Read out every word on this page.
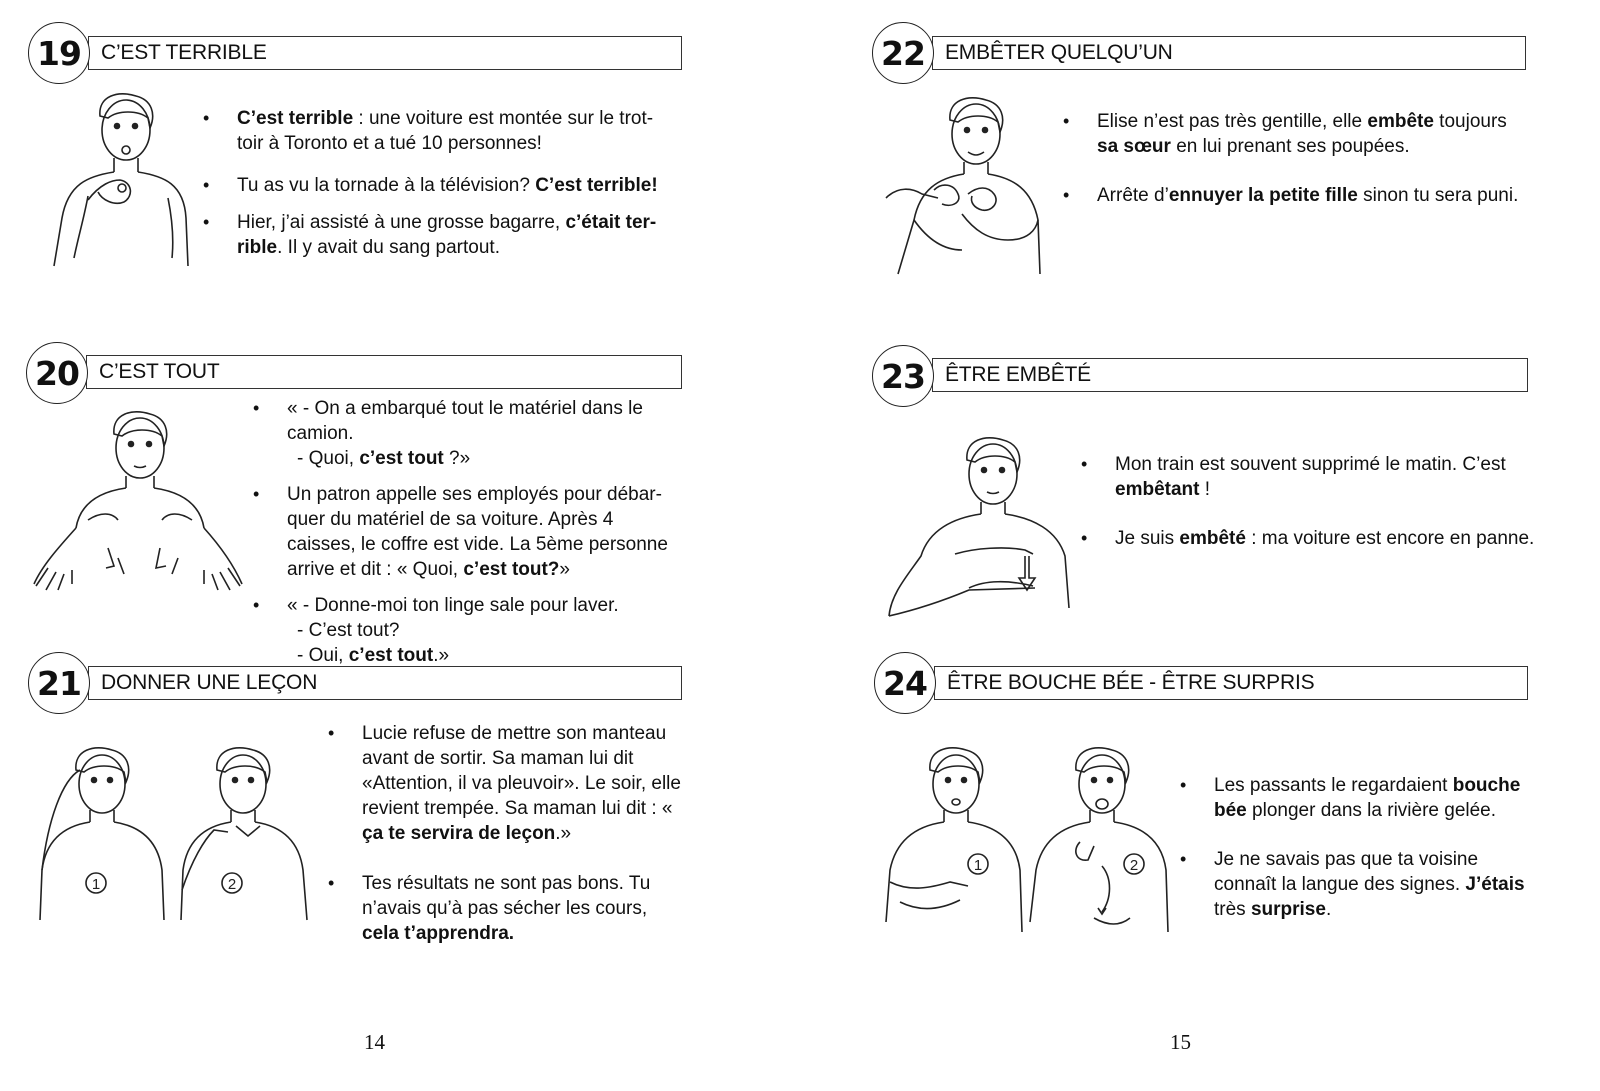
19 C’EST TERRIBLE
• C’est terrible : une voiture est montée sur le trot-toir à Toronto et a tué 10 personnes!
• Tu as vu la tornade à la télévision? C’est terrible!
• Hier, j’ai assisté à une grosse bagarre, c’était ter-rible. Il y avait du sang partout.
20 C’EST TOUT
• « - On a embarqué tout le matériel dans le camion.
- Quoi, c’est tout ?»
• Un patron appelle ses employés pour débar-quer du matériel de sa voiture. Après 4 caisses, le coffre est vide. La 5ème personne arrive et dit : « Quoi, c’est tout?»
• « - Donne-moi ton linge sale pour laver.
- C’est tout?
- Oui, c’est tout.»
21 DONNER UNE LEÇON
1	2
• Lucie refuse de mettre son manteau avant de sortir. Sa maman lui dit «Attention, il va pleuvoir». Le soir, elle revient trempée. Sa maman lui dit : « ça te servira de leçon.»
• Tes résultats ne sont pas bons. Tu n’avais qu’à pas sécher les cours, cela t’apprendra.
22 EMBÊTER QUELQU’UN
• Elise n’est pas très gentille, elle embête toujours sa sœur en lui prenant ses poupées.
• Arrête d’ennuyer la petite fille sinon tu sera puni.
23 ÊTRE EMBÊTÉ
• Mon train est souvent supprimé le matin. C’est embêtant !
• Je suis embêté : ma voiture est encore en panne.
24 ÊTRE BOUCHE BÉE - ÊTRE SURPRIS
1	2
• Les passants le regardaient bouche bée plonger dans la rivière gelée.
• Je ne savais pas que ta voisine connaît la langue des signes. J’étais très surprise.
14	15
